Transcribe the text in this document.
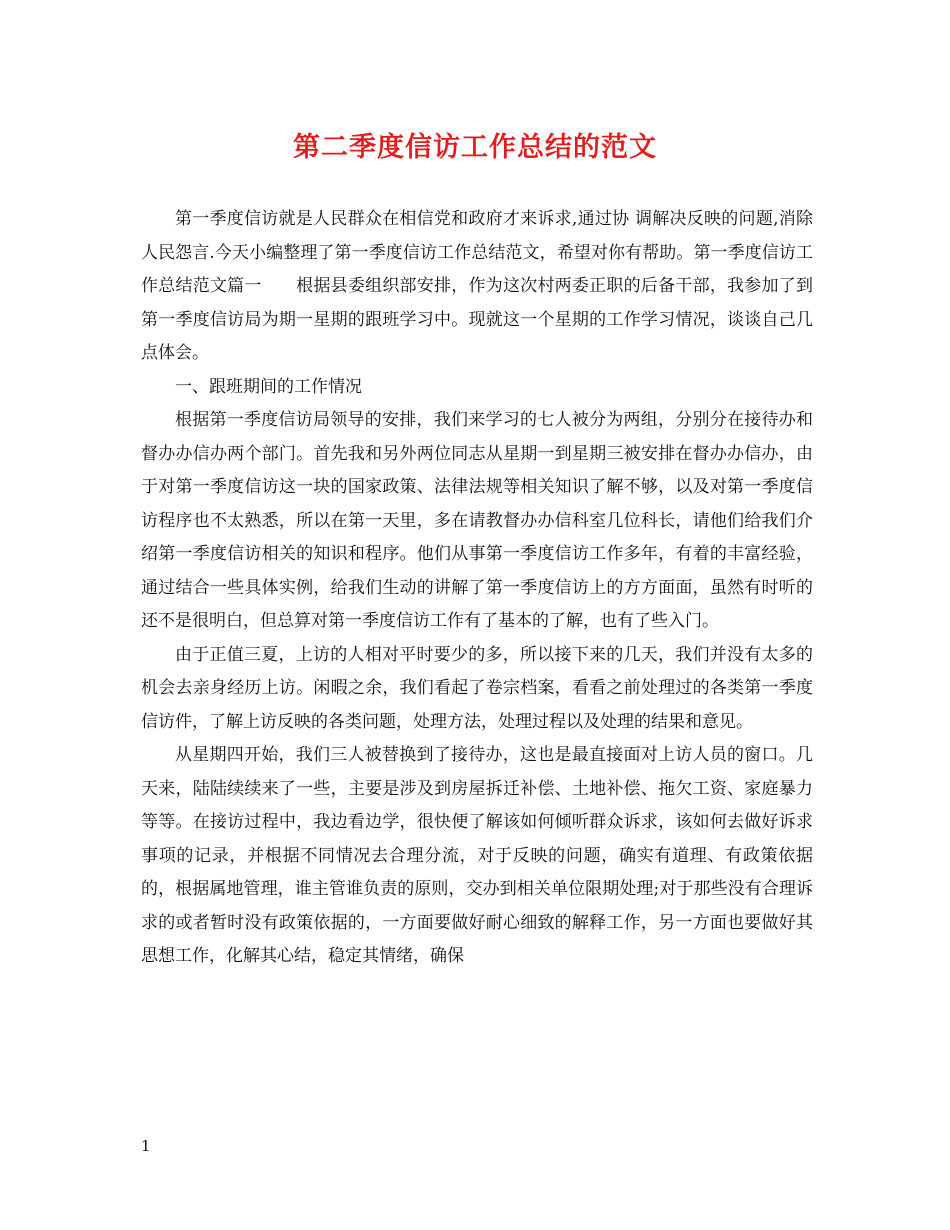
第二季度信访工作总结的范文

第一季度信访就是人民群众在相信党和政府才来诉求,通过协 调解决反映的问题,消除人民怨言.今天小编整理了第一季度信访工作总结范文，希望对你有帮助。第一季度信访工作总结范文篇一　　根据县委组织部安排，作为这次村两委正职的后备干部，我参加了到第一季度信访局为期一星期的跟班学习中。现就这一个星期的工作学习情况，谈谈自己几点体会。

一、跟班期间的工作情况

根据第一季度信访局领导的安排，我们来学习的七人被分为两组，分别分在接待办和督办办信办两个部门。首先我和另外两位同志从星期一到星期三被安排在督办办信办，由于对第一季度信访这一块的国家政策、法律法规等相关知识了解不够，以及对第一季度信访程序也不太熟悉，所以在第一天里，多在请教督办办信科室几位科长，请他们给我们介绍第一季度信访相关的知识和程序。他们从事第一季度信访工作多年，有着的丰富经验，通过结合一些具体实例，给我们生动的讲解了第一季度信访上的方方面面，虽然有时听的还不是很明白，但总算对第一季度信访工作有了基本的了解，也有了些入门。

由于正值三夏，上访的人相对平时要少的多，所以接下来的几天，我们并没有太多的机会去亲身经历上访。闲暇之余，我们看起了卷宗档案，看看之前处理过的各类第一季度信访件，了解上访反映的各类问题，处理方法，处理过程以及处理的结果和意见。

从星期四开始，我们三人被替换到了接待办，这也是最直接面对上访人员的窗口。几天来，陆陆续续来了一些，主要是涉及到房屋拆迁补偿、土地补偿、拖欠工资、家庭暴力等等。在接访过程中，我边看边学，很快便了解该如何倾听群众诉求，该如何去做好诉求事项的记录，并根据不同情况去合理分流，对于反映的问题，确实有道理、有政策依据的，根据属地管理，谁主管谁负责的原则，交办到相关单位限期处理;对于那些没有合理诉求的或者暂时没有政策依据的，一方面要做好耐心细致的解释工作，另一方面也要做好其思想工作，化解其心结，稳定其情绪，确保

1
